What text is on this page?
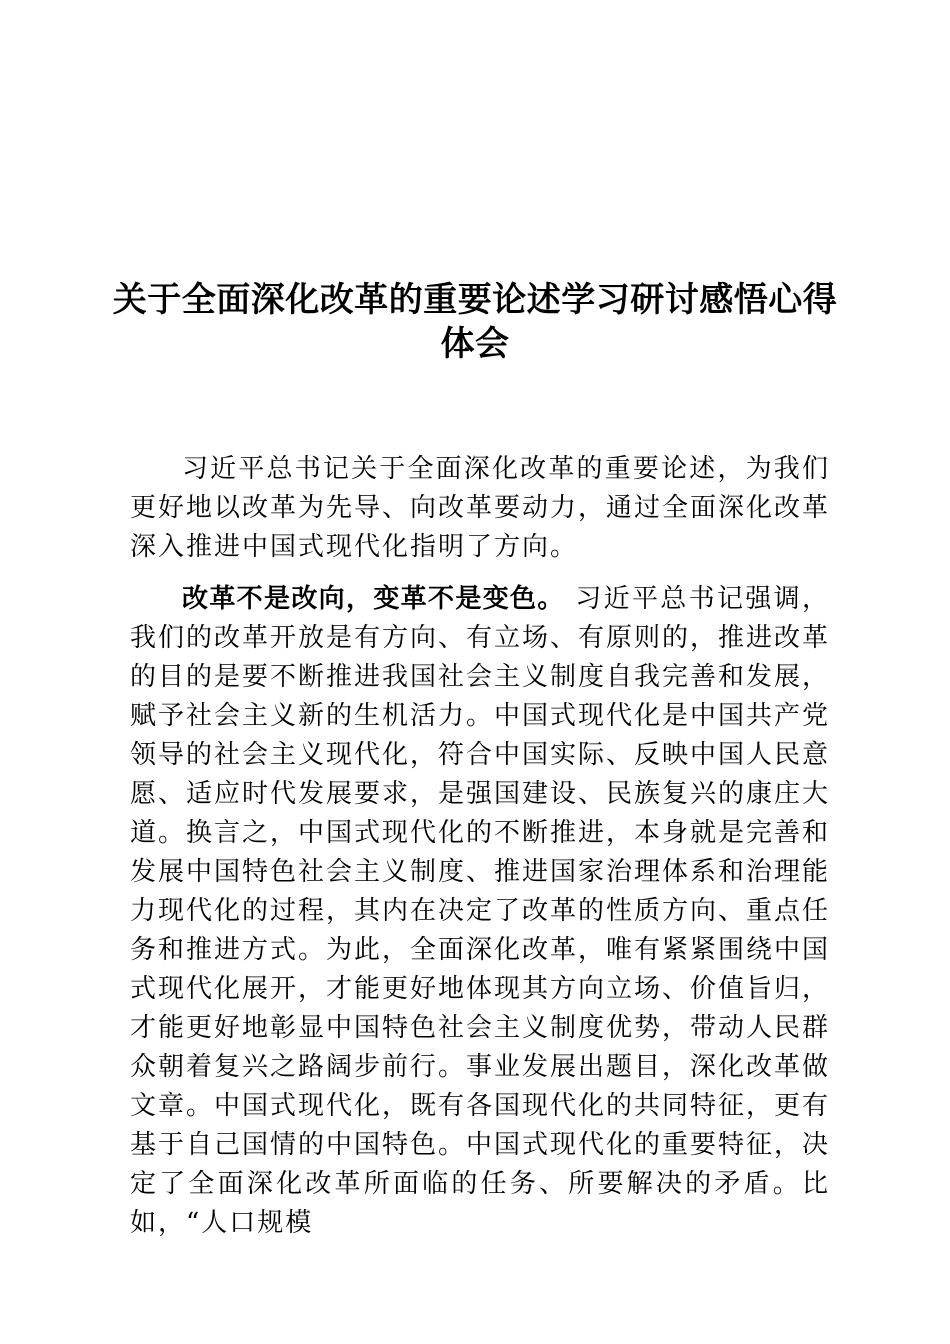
关于全面深化改革的重要论述学习研讨感悟心得体会

习近平总书记关于全面深化改革的重要论述，为我们更好地以改革为先导、向改革要动力，通过全面深化改革深入推进中国式现代化指明了方向。

改革不是改向，变革不是变色。 习近平总书记强调，我们的改革开放是有方向、有立场、有原则的，推进改革的目的是要不断推进我国社会主义制度自我完善和发展，赋予社会主义新的生机活力。中国式现代化是中国共产党领导的社会主义现代化，符合中国实际、反映中国人民意愿、适应时代发展要求，是强国建设、民族复兴的康庄大道。换言之，中国式现代化的不断推进，本身就是完善和发展中国特色社会主义制度、推进国家治理体系和治理能力现代化的过程，其内在决定了改革的性质方向、重点任务和推进方式。为此，全面深化改革，唯有紧紧围绕中国式现代化展开，才能更好地体现其方向立场、价值旨归，才能更好地彰显中国特色社会主义制度优势，带动人民群众朝着复兴之路阔步前行。事业发展出题目，深化改革做文章。中国式现代化，既有各国现代化的共同特征，更有基于自己国情的中国特色。中国式现代化的重要特征，决定了全面深化改革所面临的任务、所要解决的矛盾。比如，“人口规模
